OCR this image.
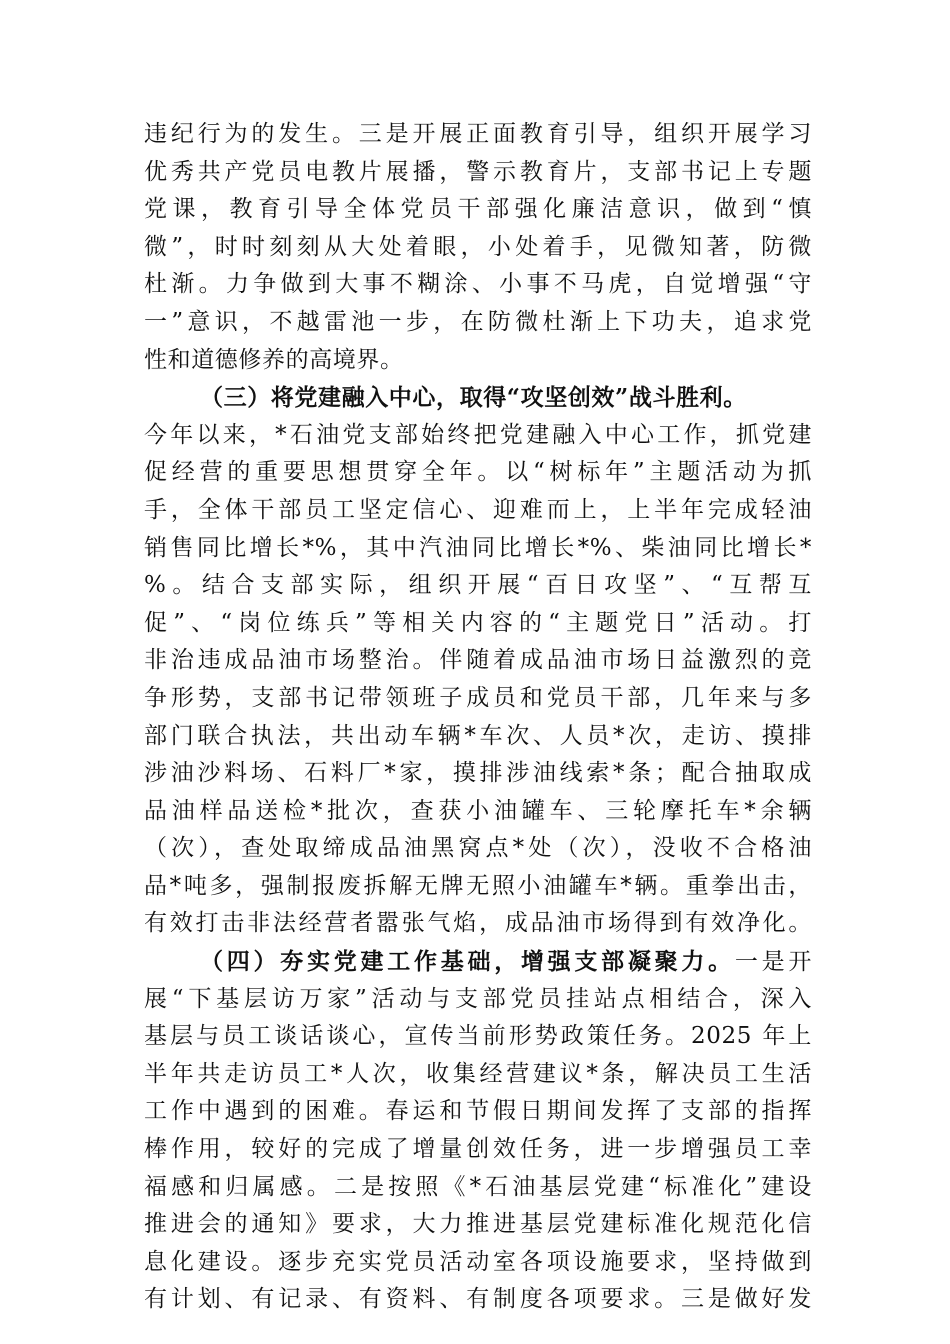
违纪行为的发生。三是开展正面教育引导，组织开展学习
优秀共产党员电教片展播，警示教育片，支部书记上专题
党课，教育引导全体党员干部强化廉洁意识，做到“慎
微”，时时刻刻从大处着眼，小处着手，见微知著，防微
杜渐。力争做到大事不糊涂、小事不马虎，自觉增强“守
一”意识，不越雷池一步，在防微杜渐上下功夫，追求党
性和道德修养的高境界。
（三）将党建融入中心，取得“攻坚创效”战斗胜利。
今年以来，*石油党支部始终把党建融入中心工作，抓党建
促经营的重要思想贯穿全年。以“树标年”主题活动为抓
手，全体干部员工坚定信心、迎难而上，上半年完成轻油
销售同比增长*%，其中汽油同比增长*%、柴油同比增长*
%。结合支部实际，组织开展“百日攻坚”、“互帮互
促”、“岗位练兵”等相关内容的“主题党日”活动。打
非治违成品油市场整治。伴随着成品油市场日益激烈的竞
争形势，支部书记带领班子成员和党员干部，几年来与多
部门联合执法，共出动车辆*车次、人员*次，走访、摸排
涉油沙料场、石料厂*家，摸排涉油线索*条；配合抽取成
品油样品送检*批次，查获小油罐车、三轮摩托车*余辆
（次），查处取缔成品油黑窝点*处（次），没收不合格油
品*吨多，强制报废拆解无牌无照小油罐车*辆。重拳出击，
有效打击非法经营者嚣张气焰，成品油市场得到有效净化。
（四）夯实党建工作基础，增强支部凝聚力。一是开
展“下基层访万家”活动与支部党员挂站点相结合，深入
基层与员工谈话谈心，宣传当前形势政策任务。2025 年上
半年共走访员工*人次，收集经营建议*条，解决员工生活
工作中遇到的困难。春运和节假日期间发挥了支部的指挥
棒作用，较好的完成了增量创效任务，进一步增强员工幸
福感和归属感。二是按照《*石油基层党建“标准化”建设
推进会的通知》要求，大力推进基层党建标准化规范化信
息化建设。逐步充实党员活动室各项设施要求，坚持做到
有计划、有记录、有资料、有制度各项要求。三是做好发
